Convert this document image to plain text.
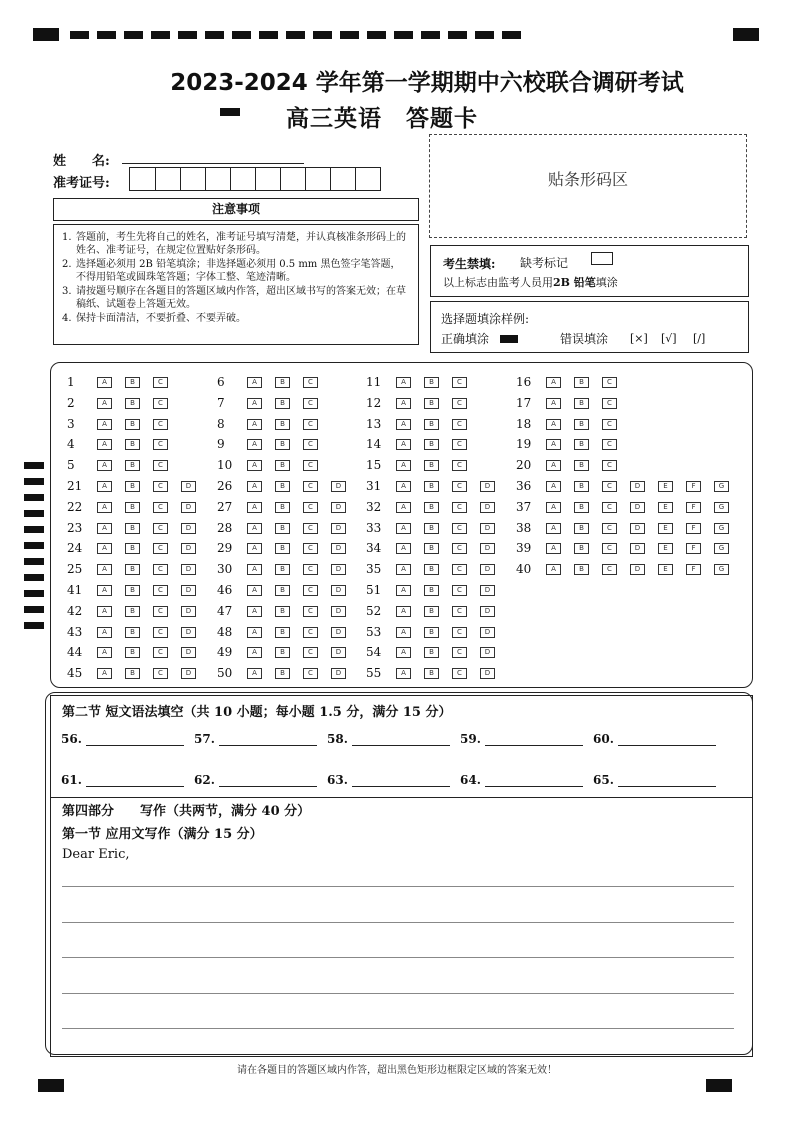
2023-2024 学年第一学期期中六校联合调研考试
高三英语　答题卡
姓　　名:
准考证号:	贴条形码区
注意事项
1. 答题前，考生先将自己的姓名，准考证号填写清楚，并认真核准条形码上的姓名、准考证号，在规定位置贴好条形码。
2. 选择题必须用 2B 铅笔填涂；非选择题必须用 0.5 mm 黑色签字笔答题，不得用铅笔或圆珠笔答题；字体工整、笔迹清晰。
3. 请按题号顺序在各题目的答题区域内作答，超出区域书写的答案无效；在草稿纸、试题卷上答题无效。
4. 保持卡面清洁，不要折叠、不要弄破。
考生禁填: 缺考标记
以上标志由监考人员用2B 铅笔填涂
选择题填涂样例:
正确填涂	错误填涂 [×] [√] [/]
1	A	B	C
2	A	B	C
3	A	B	C
4	A	B	C
5	A	B	C
21	A	B	C	D
22	A	B	C	D
23	A	B	C	D
24	A	B	C	D
25	A	B	C	D
41	A	B	C	D
42	A	B	C	D
43	A	B	C	D
44	A	B	C	D
45	A	B	C	D
6	A	B	C
7	A	B	C
8	A	B	C
9	A	B	C
10	A	B	C
26	A	B	C	D
27	A	B	C	D
28	A	B	C	D
29	A	B	C	D
30	A	B	C	D
46	A	B	C	D
47	A	B	C	D
48	A	B	C	D
49	A	B	C	D
50	A	B	C	D
11	A	B	C
12	A	B	C
13	A	B	C
14	A	B	C
15	A	B	C
31	A	B	C	D
32	A	B	C	D
33	A	B	C	D
34	A	B	C	D
35	A	B	C	D
51	A	B	C	D
52	A	B	C	D
53	A	B	C	D
54	A	B	C	D
55	A	B	C	D
16	A	B	C
17	A	B	C
18	A	B	C
19	A	B	C
20	A	B	C
36	A	B	C	D	E	F	G
37	A	B	C	D	E	F	G
38	A	B	C	D	E	F	G
39	A	B	C	D	E	F	G
40	A	B	C	D	E	F	G
第二节 短文语法填空（共 10 小题；每小题 1.5 分，满分 15 分）
56.	57.	58.	59.	60.
61.	62.	63.	64.	65.
第四部分　　写作（共两节，满分 40 分）
第一节 应用文写作（满分 15 分）
Dear Eric,
请在各题目的答题区域内作答，超出黑色矩形边框限定区域的答案无效！
